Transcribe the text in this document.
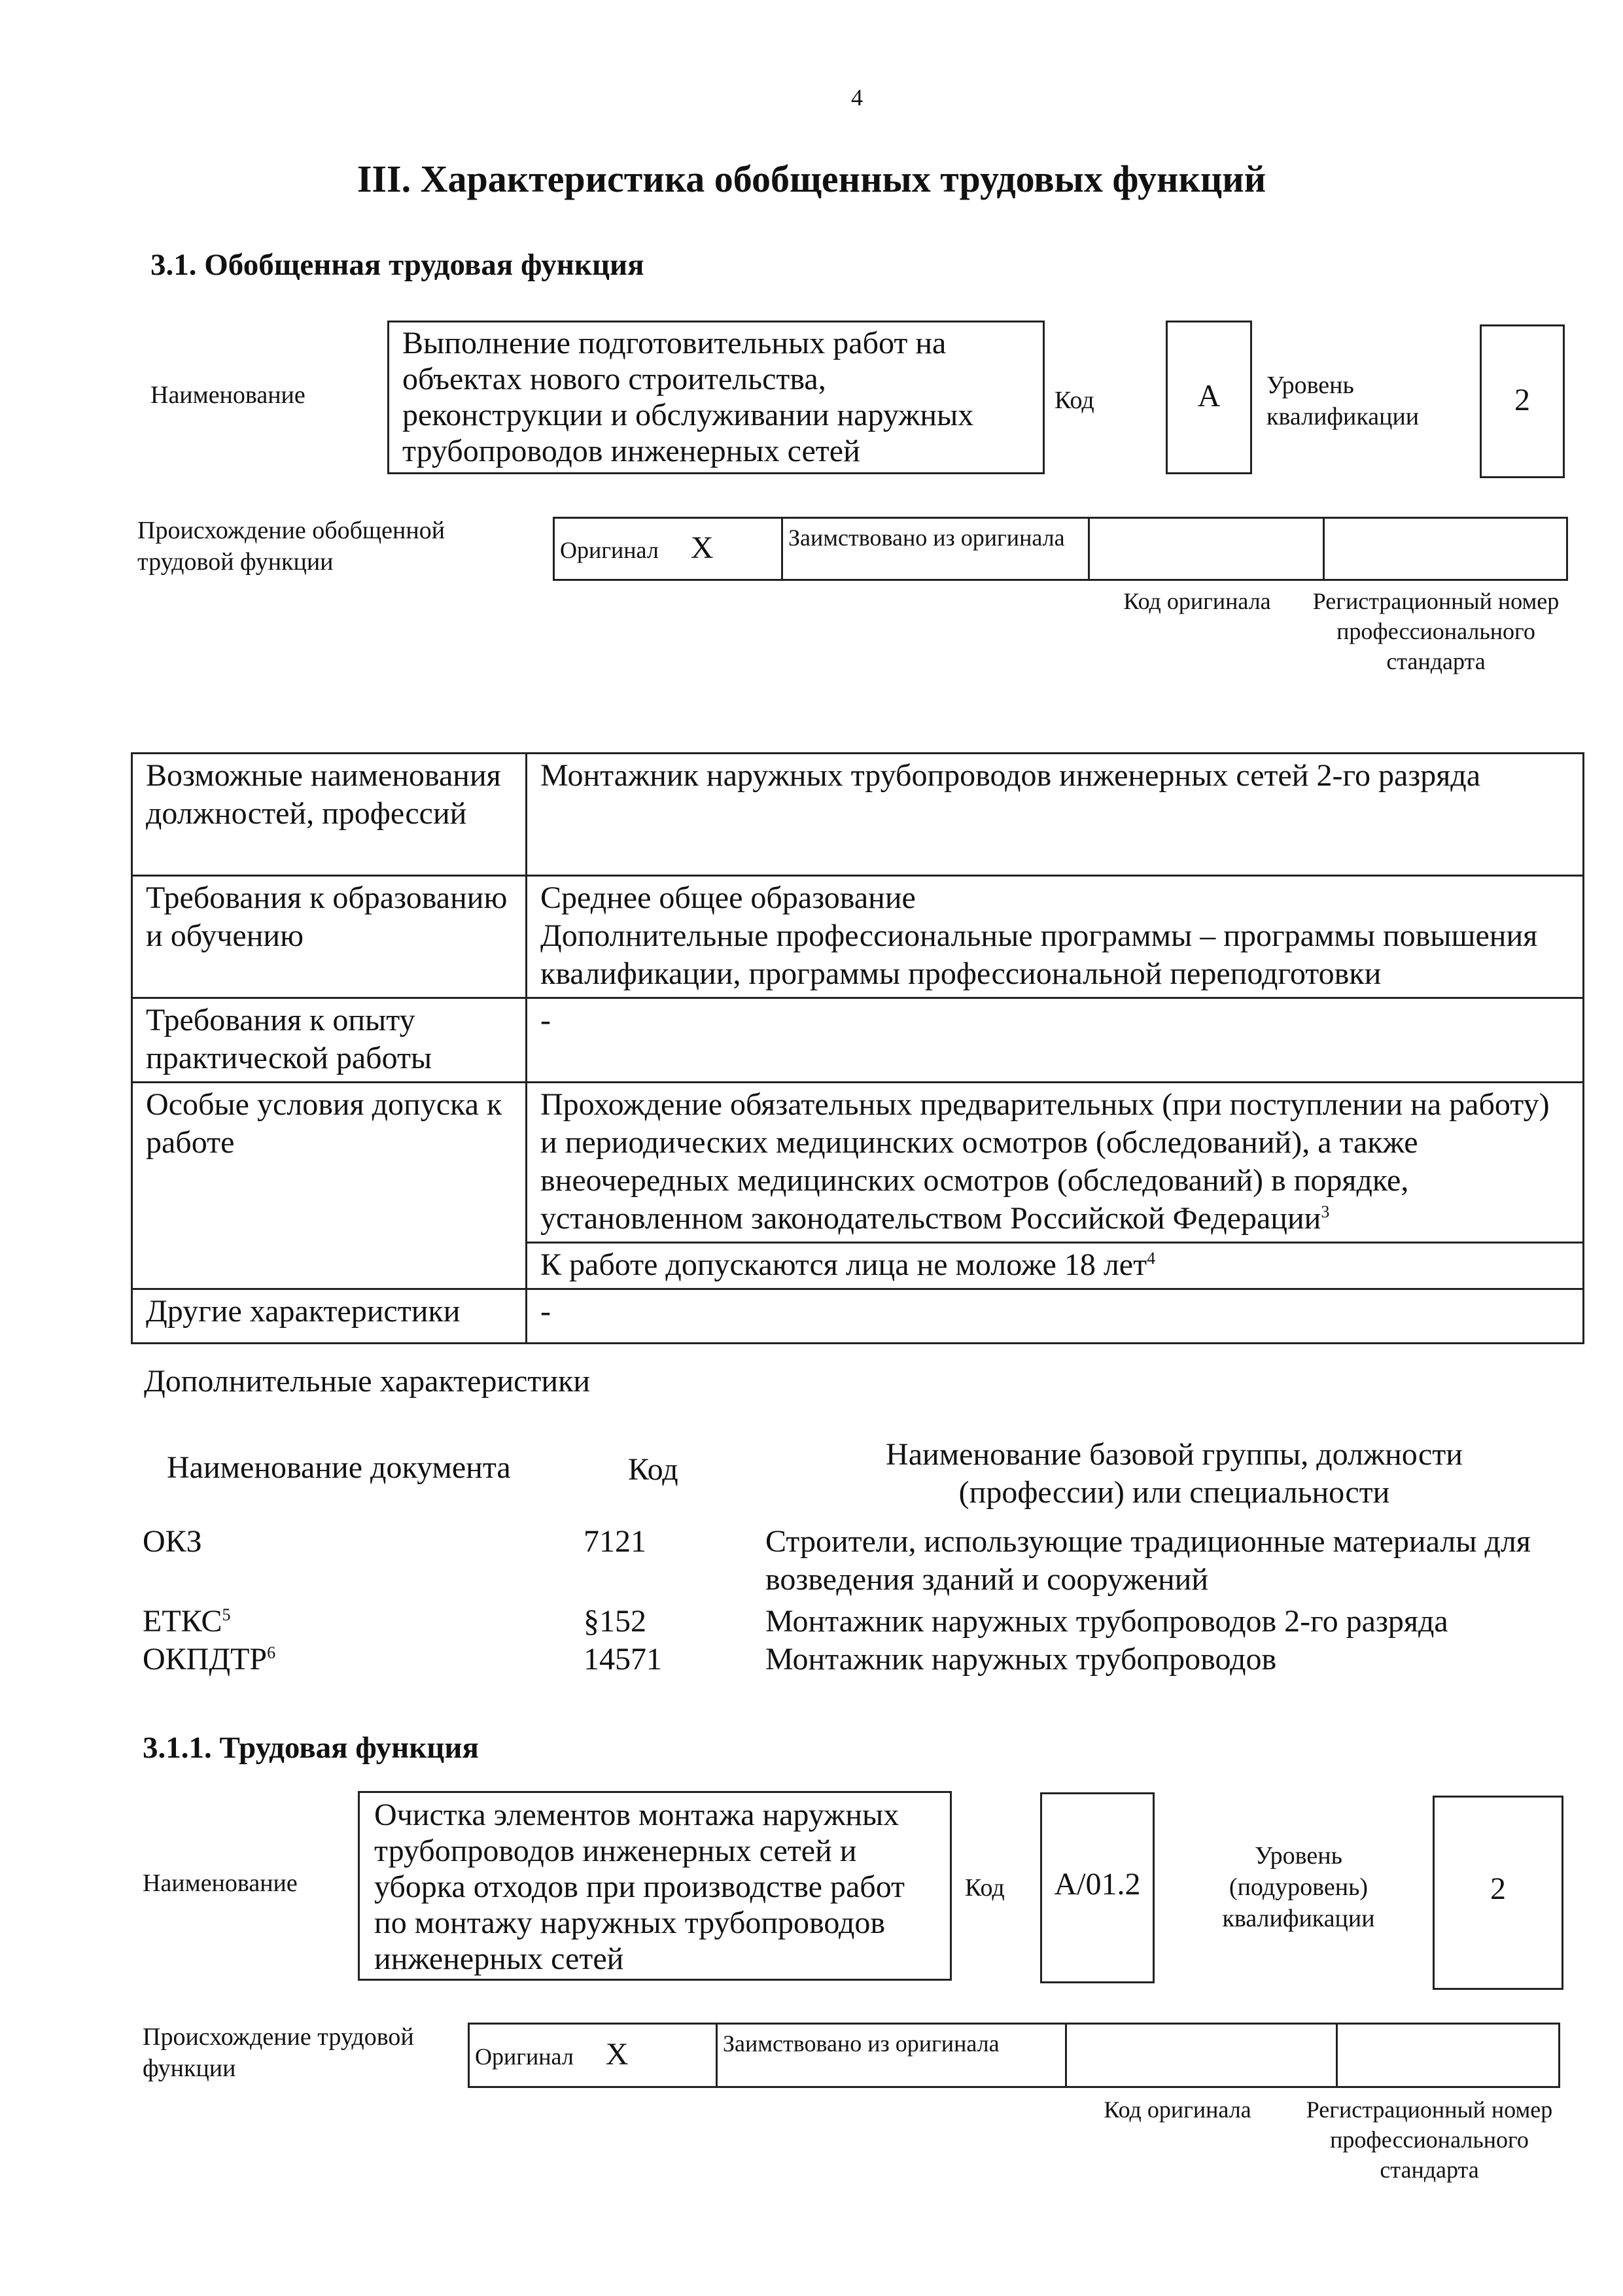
4
III. Характеристика обобщенных трудовых функций
3.1. Обобщенная трудовая функция
Наименование
Выполнение подготовительных работ на объектах нового строительства, реконструкции и обслуживании наружных трубопроводов инженерных сетей
Код	А	Уровень квалификации	2
Происхождение обобщенной трудовой функции	Оригинал X	Заимствовано из оригинала		
Код оригинала	Регистрационный номер профессионального стандарта
Возможные наименования должностей, профессий	Монтажник наружных трубопроводов инженерных сетей 2-го разряда
Требования к образованию и обучению	Среднее общее образование
Дополнительные профессиональные программы – программы повышения квалификации, программы профессиональной переподготовки

Требования к опыту практической работы	-
Особые условия допуска к работе	Прохождение обязательных предварительных (при поступлении на работу) и периодических медицинских осмотров (обследований), а также внеочередных медицинских осмотров (обследований) в порядке, установленном законодательством Российской Федерации$^3$
	К работе допускаются лица не моложе 18 лет$^4$
Другие характеристики	-
Дополнительные характеристики
Наименование документа	Код	Наименование базовой группы, должности (профессии) или специальности
ОКЗ	7121	Строители, использующие традиционные материалы для возведения зданий и сооружений
ЕТКС$^5$	§152	Монтажник наружных трубопроводов 2-го разряда
ОКПДТР$^6$	14571	Монтажник наружных трубопроводов
3.1.1. Трудовая функция
Наименование
Очистка элементов монтажа наружных трубопроводов инженерных сетей и уборка отходов при производстве работ по монтажу наружных трубопроводов инженерных сетей
Код	А/01.2
Уровень (подуровень) квалификации
2
Происхождение трудовой функции	Оригинал X	Заимствовано из оригинала		
Код оригинала	Регистрационный номер профессионального стандарта
